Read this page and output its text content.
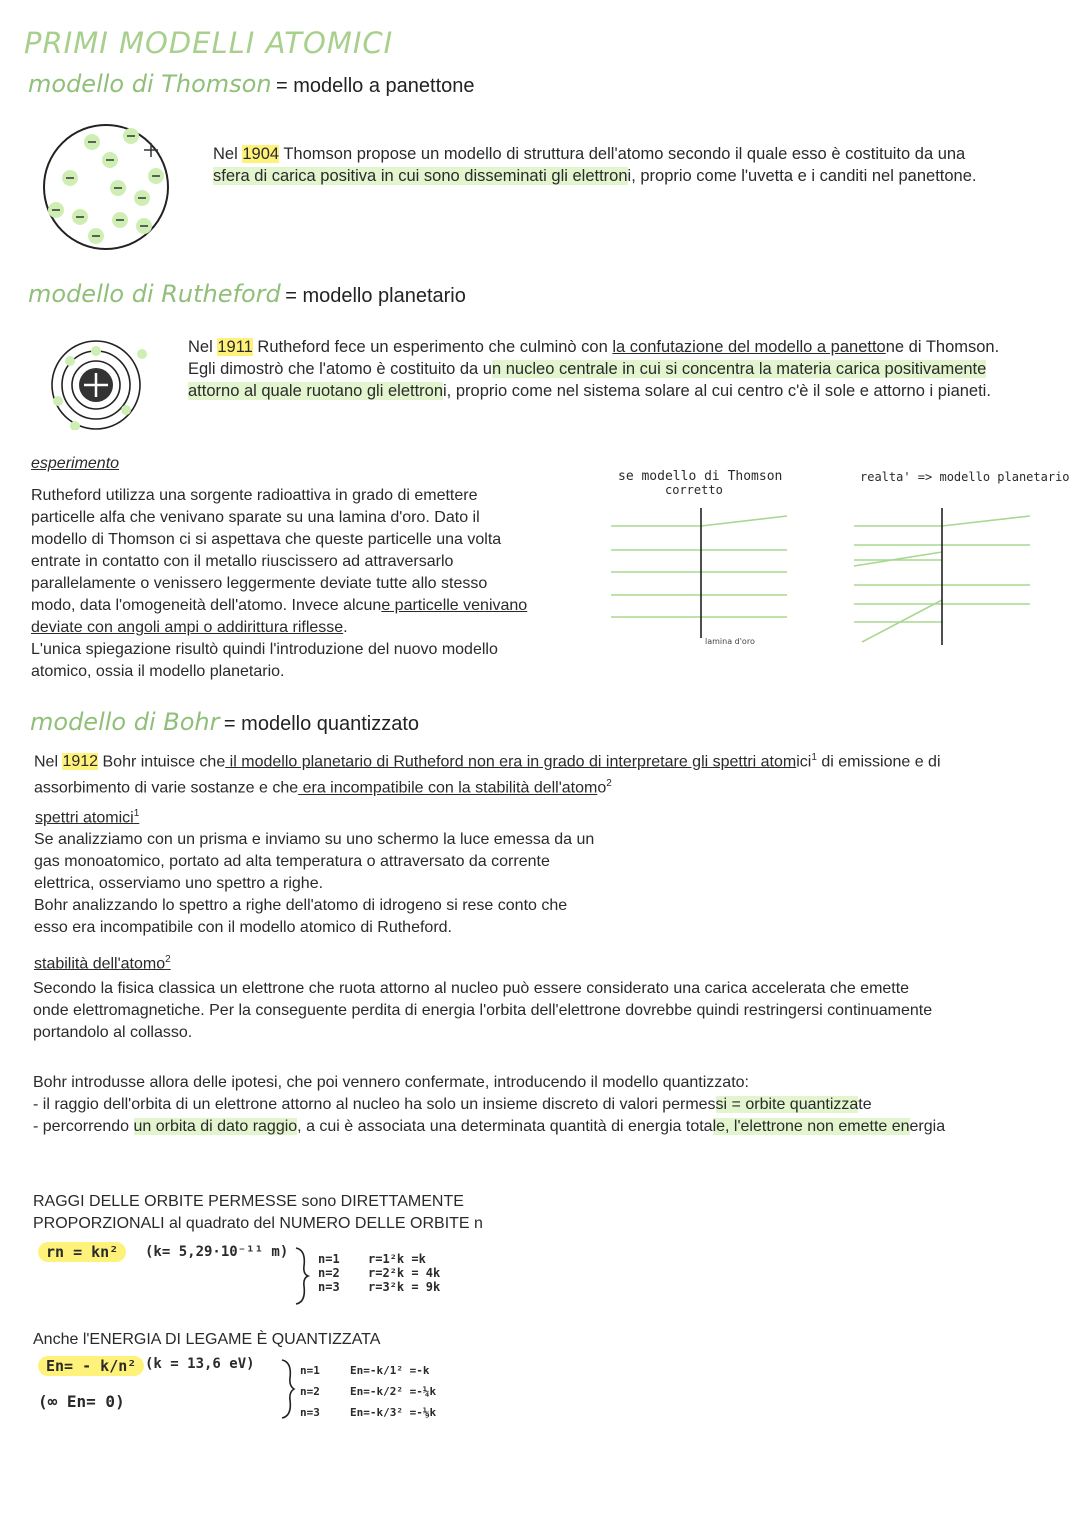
PRIMI MODELLI ATOMICI
modello di Thomson = modello a panettone
Nel 1904 Thomson propose un modello di struttura dell'atomo secondo il quale esso è costituito da una
sfera di carica positiva in cui sono disseminati gli elettroni, proprio come l'uvetta e i canditi nel panettone.
modello di Rutheford = modello planetario
Nel 1911 Rutheford fece un esperimento che culminò con la confutazione del modello a panettone di Thomson.
Egli dimostrò che l'atomo è costituito da un nucleo centrale in cui si concentra la materia carica positivamente
attorno al quale ruotano gli elettroni, proprio come nel sistema solare al cui centro c'è il sole e attorno i pianeti.
esperimento
Rutheford utilizza una sorgente radioattiva in grado di emettere
particelle alfa che venivano sparate su una lamina d'oro. Dato il
modello di Thomson ci si aspettava che queste particelle una volta
entrate in contatto con il metallo riuscissero ad attraversarlo
parallelamente o venissero leggermente deviate tutte allo stesso
modo, data l'omogeneità dell'atomo. Invece alcune particelle venivano
deviate con angoli ampi o addirittura riflesse.
L'unica spiegazione risultò quindi l'introduzione del nuovo modello
atomico, ossia il modello planetario.
se modello di Thomson
corretto
lamina d'oro
realta' => modello planetario
modello di Bohr = modello quantizzato
Nel 1912 Bohr intuisce che il modello planetario di Rutheford non era in grado di interpretare gli spettri atomici$^1$ di emissione e di
assorbimento di varie sostanze e che era incompatibile con la stabilità dell'atomo$^2$
spettri atomici$^1$
Se analizziamo con un prisma e inviamo su uno schermo la luce emessa da un
gas monoatomico, portato ad alta temperatura o attraversato da corrente
elettrica, osserviamo uno spettro a righe.
Bohr analizzando lo spettro a righe dell'atomo di idrogeno si rese conto che
esso era incompatibile con il modello atomico di Rutheford.
stabilità dell'atomo$^2$
Secondo la fisica classica un elettrone che ruota attorno al nucleo può essere considerato una carica accelerata che emette
onde elettromagnetiche. Per la conseguente perdita di energia l'orbita dell'elettrone dovrebbe quindi restringersi continuamente
portandolo al collasso.
Bohr introdusse allora delle ipotesi, che poi vennero confermate, introducendo il modello quantizzato:
- il raggio dell'orbita di un elettrone attorno al nucleo ha solo un insieme discreto di valori permessi = orbite quantizzate
- percorrendo un orbita di dato raggio, a cui è associata una determinata quantità di energia totale, l'elettrone non emette energia
RAGGI DELLE ORBITE PERMESSE sono DIRETTAMENTE
PROPORZIONALI al quadrato del NUMERO DELLE ORBITE n
rn = kn²	(k= 5,29·10⁻¹¹ m) n=1 r=1²k =k
n=2 r=2²k = 4k
n=3 r=3²k = 9k
Anche l'ENERGIA DI LEGAME È QUANTIZZATA
En= - k/n² (k = 13,6 eV)
(∞ En= 0)
n=1	En=-k/1² =-k
n=2	En=-k/2² =-¼k
n=3	En=-k/3² =-⅑k
